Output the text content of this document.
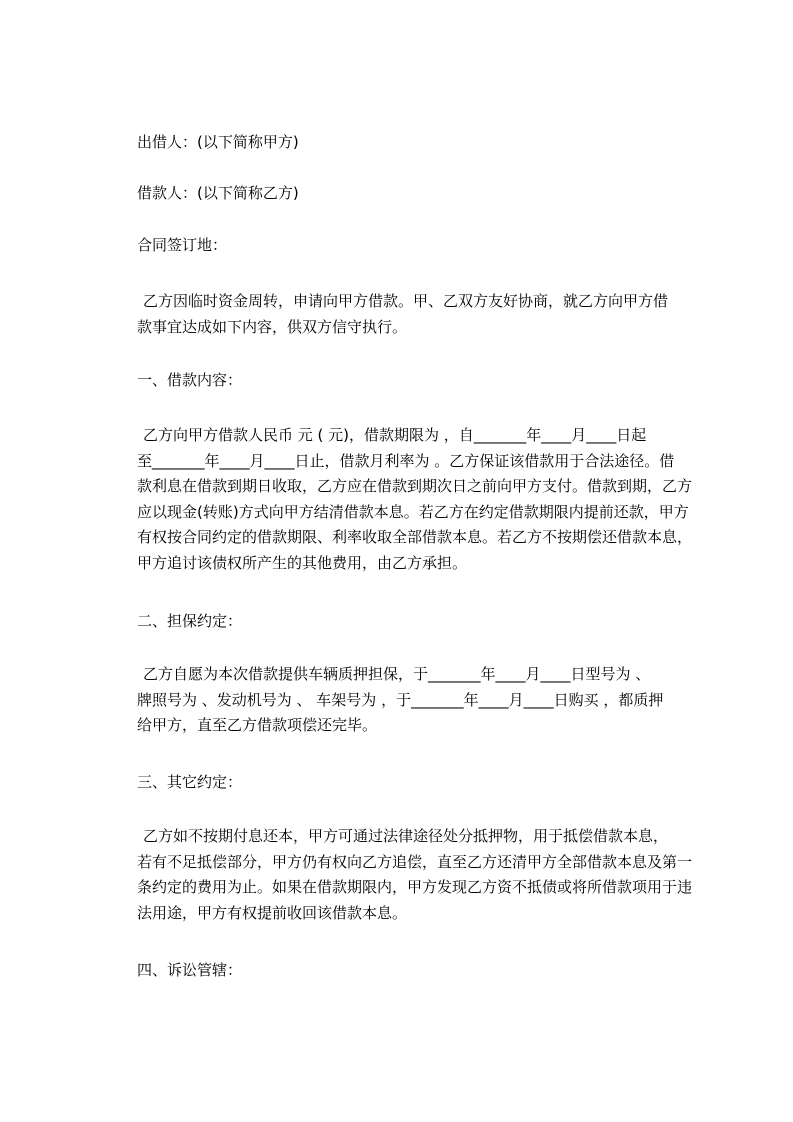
出借人：(以下简称甲方)
借款人：(以下简称乙方)
合同签订地：
乙方因临时资金周转，申请向甲方借款。甲、乙双方友好协商，就乙方向甲方借
款事宜达成如下内容，供双方信守执行。
一、借款内容：
乙方向甲方借款人民币 元 ( 元)，借款期限为 ，自_______年____月____日起
至_______年____月____日止，借款月利率为 。乙方保证该借款用于合法途径。借
款利息在借款到期日收取，乙方应在借款到期次日之前向甲方支付。借款到期，乙方
应以现金(转账)方式向甲方结清借款本息。若乙方在约定借款期限内提前还款，甲方
有权按合同约定的借款期限、利率收取全部借款本息。若乙方不按期偿还借款本息，
甲方追讨该债权所产生的其他费用，由乙方承担。
二、担保约定：
乙方自愿为本次借款提供车辆质押担保，于_______年____月____日型号为 、
牌照号为 、发动机号为 、 车架号为 ，于_______年____月____日购买 ，都质押
给甲方，直至乙方借款项偿还完毕。
三、其它约定：
乙方如不按期付息还本，甲方可通过法律途径处分抵押物，用于抵偿借款本息，
若有不足抵偿部分，甲方仍有权向乙方追偿，直至乙方还清甲方全部借款本息及第一
条约定的费用为止。如果在借款期限内，甲方发现乙方资不抵债或将所借款项用于违
法用途，甲方有权提前收回该借款本息。
四、诉讼管辖：
